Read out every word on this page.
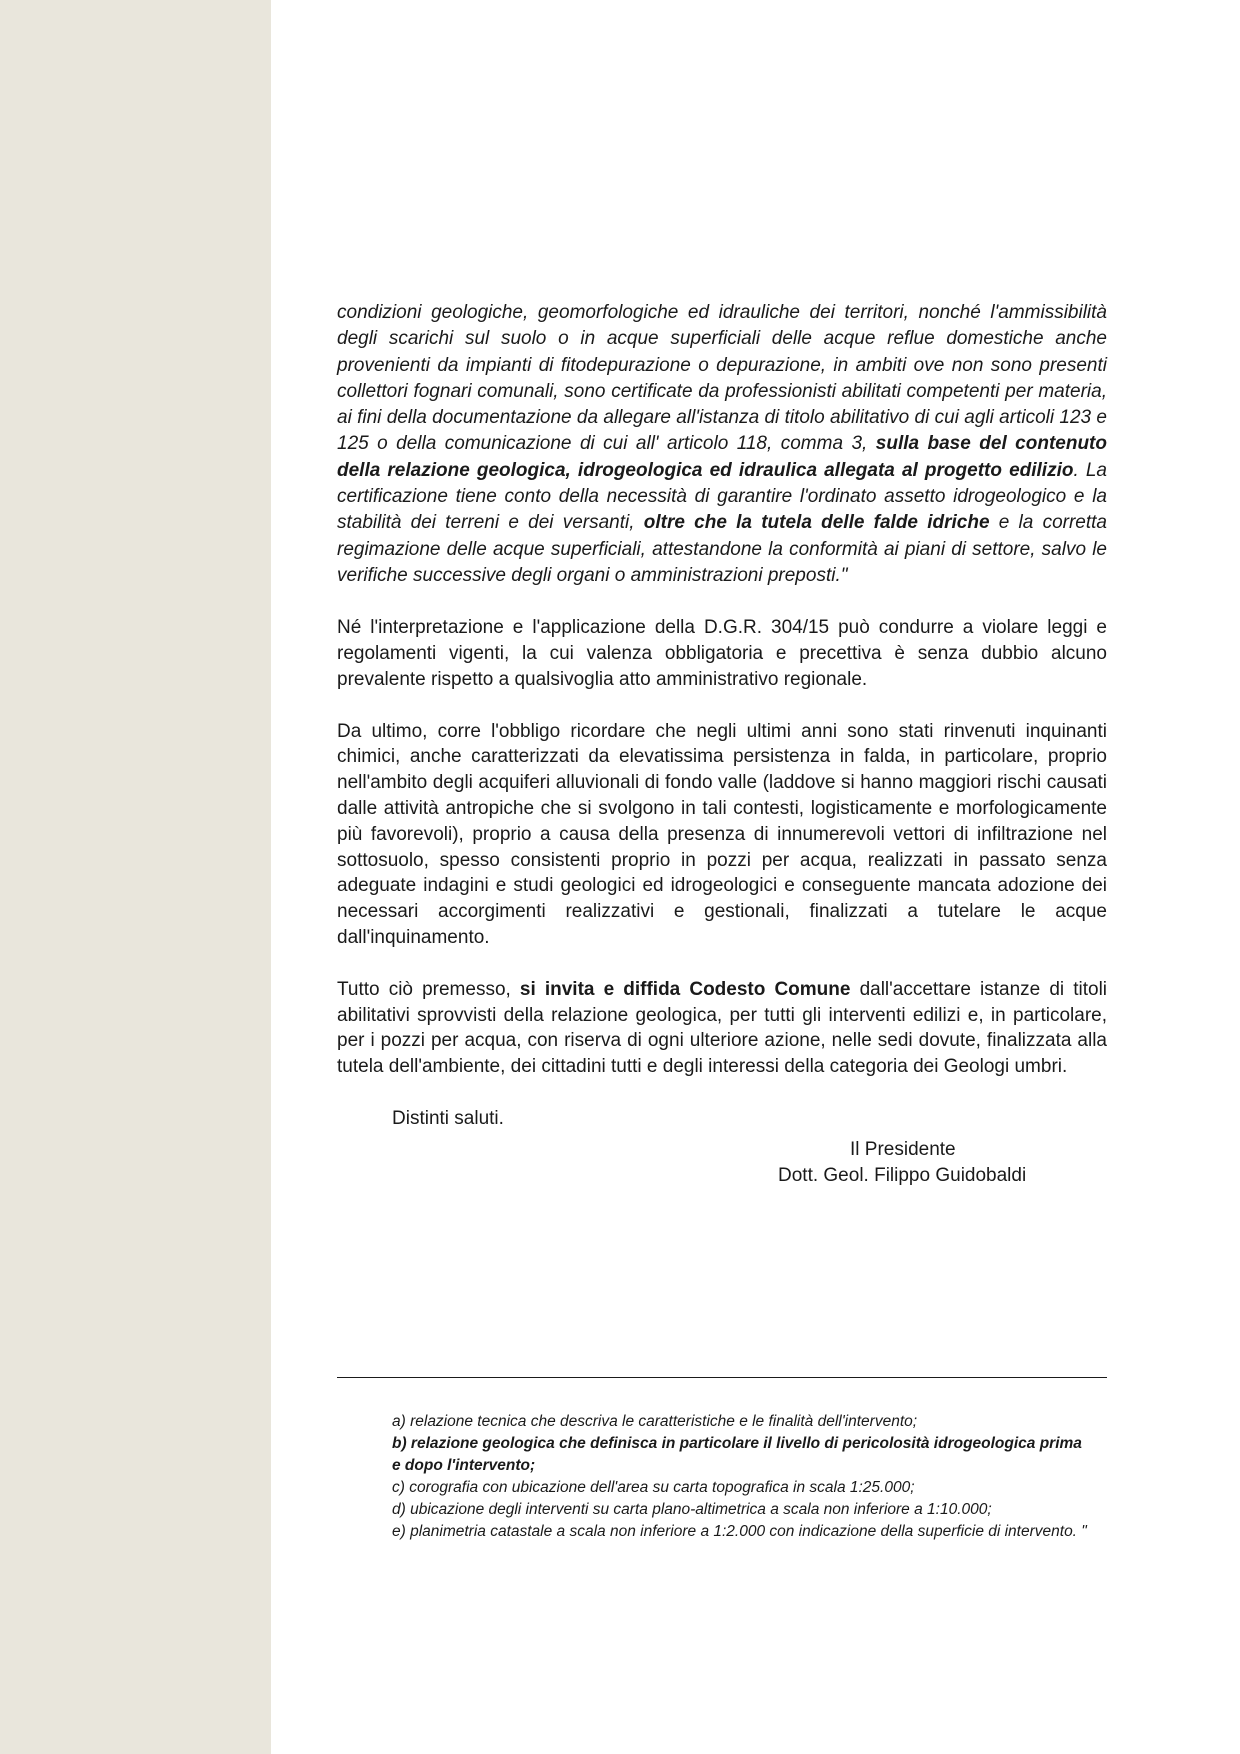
condizioni geologiche, geomorfologiche ed idrauliche dei territori, nonché l'ammissibilità degli scarichi sul suolo o in acque superficiali delle acque reflue domestiche anche provenienti da impianti di fitodepurazione o depurazione, in ambiti ove non sono presenti collettori fognari comunali, sono certificate da professionisti abilitati competenti per materia, ai fini della documentazione da allegare all'istanza di titolo abilitativo di cui agli articoli 123 e 125 o della comunicazione di cui all' articolo 118, comma 3, sulla base del contenuto della relazione geologica, idrogeologica ed idraulica allegata al progetto edilizio. La certificazione tiene conto della necessità di garantire l'ordinato assetto idrogeologico e la stabilità dei terreni e dei versanti, oltre che la tutela delle falde idriche e la corretta regimazione delle acque superficiali, attestandone la conformità ai piani di settore, salvo le verifiche successive degli organi o amministrazioni preposti."

Né l'interpretazione e l'applicazione della D.G.R. 304/15 può condurre a violare leggi e regolamenti vigenti, la cui valenza obbligatoria e precettiva è senza dubbio alcuno prevalente rispetto a qualsivoglia atto amministrativo regionale.

Da ultimo, corre l'obbligo ricordare che negli ultimi anni sono stati rinvenuti inquinanti chimici, anche caratterizzati da elevatissima persistenza in falda, in particolare, proprio nell'ambito degli acquiferi alluvionali di fondo valle (laddove si hanno maggiori rischi causati dalle attività antropiche che si svolgono in tali contesti, logisticamente e morfologicamente più favorevoli), proprio a causa della presenza di innumerevoli vettori di infiltrazione nel sottosuolo, spesso consistenti proprio in pozzi per acqua, realizzati in passato senza adeguate indagini e studi geologici ed idrogeologici e conseguente mancata adozione dei necessari accorgimenti realizzativi e gestionali, finalizzati a tutelare le acque dall'inquinamento.

Tutto ciò premesso, si invita e diffida Codesto Comune dall'accettare istanze di titoli abilitativi sprovvisti della relazione geologica, per tutti gli interventi edilizi e, in particolare, per i pozzi per acqua, con riserva di ogni ulteriore azione, nelle sedi dovute, finalizzata alla tutela dell'ambiente, dei cittadini tutti e degli interessi della categoria dei Geologi umbri.

Distinti saluti.

Il Presidente
Dott. Geol. Filippo Guidobaldi

a) relazione tecnica che descriva le caratteristiche e le finalità dell'intervento;

b) relazione geologica che definisca in particolare il livello di pericolosità idrogeologica prima e dopo l'intervento;

c) corografia con ubicazione dell'area su carta topografica in scala 1:25.000;

d) ubicazione degli interventi su carta plano-altimetrica a scala non inferiore a 1:10.000;

e) planimetria catastale a scala non inferiore a 1:2.000 con indicazione della superficie di intervento. "
